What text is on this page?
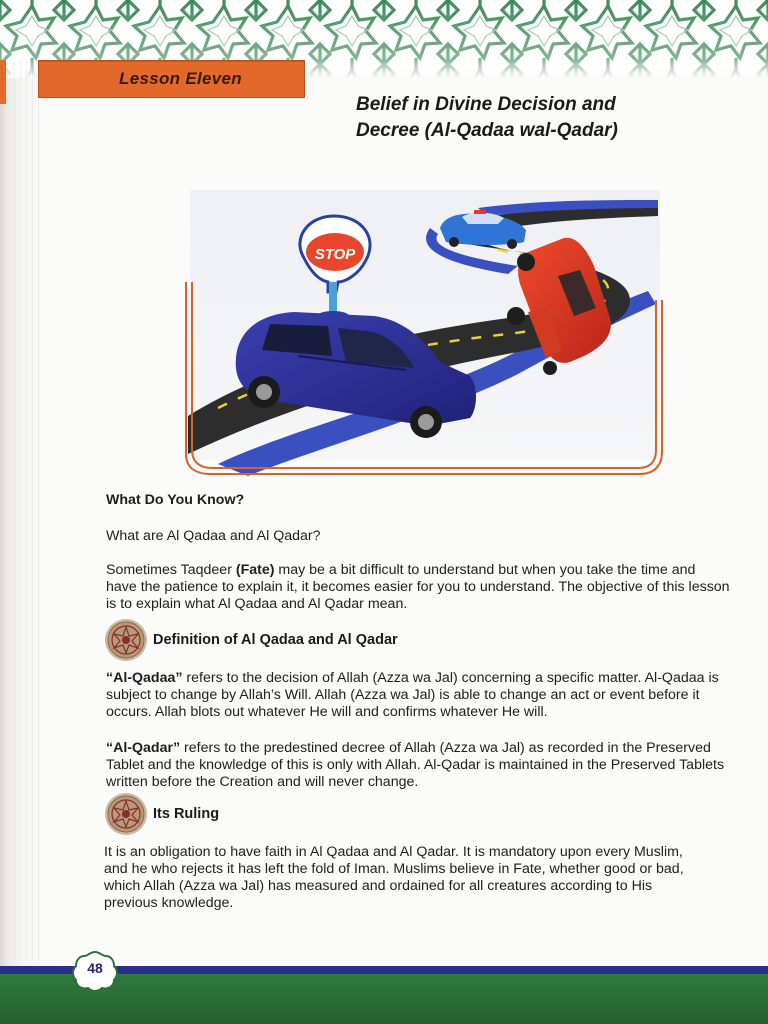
Lesson Eleven
Belief in Divine Decision and
Decree (Al-Qadaa wal-Qadar)
STOP
What Do You Know?
What are Al Qadaa and Al Qadar?

Sometimes Taqdeer (Fate) may be a bit difficult to understand but when you take the time and have the patience to explain it, it becomes easier for you to understand. The objective of this lesson is to explain what Al Qadaa and Al Qadar mean.

Definition of Al Qadaa and Al Qadar

“Al-Qadaa” refers to the decision of Allah (Azza wa Jal) concerning a specific matter. Al-Qadaa is subject to change by Allah’s Will. Allah (Azza wa Jal) is able to change an act or event before it occurs. Allah blots out whatever He will and confirms whatever He will.

“Al-Qadar” refers to the predestined decree of Allah (Azza wa Jal) as recorded in the Preserved Tablet and the knowledge of this is only with Allah. Al-Qadar is maintained in the Preserved Tablets written before the Creation and will never change.

Its Ruling

It is an obligation to have faith in Al Qadaa and Al Qadar. It is mandatory upon every Muslim, and he who rejects it has left the fold of Iman. Muslims believe in Fate, whether good or bad, which Allah (Azza wa Jal) has measured and ordained for all creatures according to His previous knowledge.

48
